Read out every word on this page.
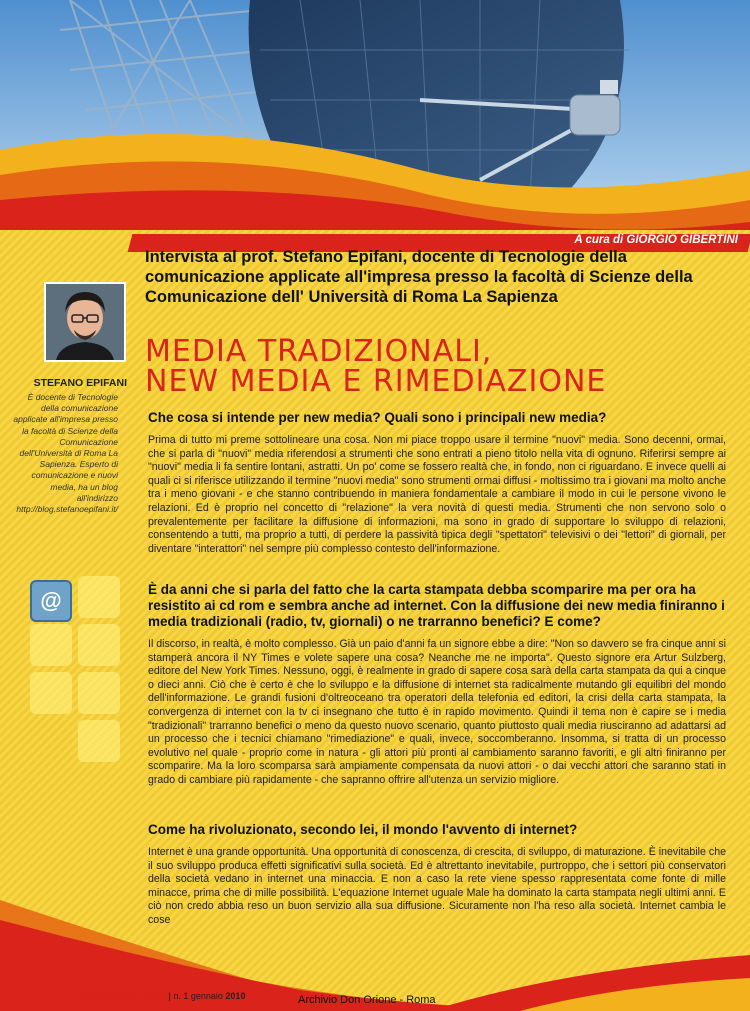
n. 1
A cura di GIORGIO GIBERTINI
Intervista al prof. Stefano Epifani, docente di Tecnologie della comunicazione applicate all'impresa presso la facoltà di Scienze della Comunicazione dell' Università di Roma La Sapienza
MEDIA TRADIZIONALI,
NEW MEDIA E RIMEDIAZIONE
STEFANO EPIFANI
È docente di Tecnologie della comunicazione applicate all'impresa presso la facoltà di Scienze della Comunicazione dell'Università di Roma La Sapienza. Esperto di comunicazione e nuovi media, ha un blog all'indirizzo http://blog.stefanoepifani.it/
@

Che cosa si intende per new media? Quali sono i principali new media?

Prima di tutto mi preme sottolineare una cosa. Non mi piace troppo usare il termine "nuovi" media. Sono decenni, ormai, che si parla di "nuovi" media riferendosi a strumenti che sono entrati a pieno titolo nella vita di ognuno. Riferirsi sempre ai "nuovi" media li fa sentire lontani, astratti. Un po' come se fossero realtà che, in fondo, non ci riguardano. E invece quelli ai quali ci si riferisce utilizzando il termine "nuovi media" sono strumenti ormai diffusi - moltissimo tra i giovani ma molto anche tra i meno giovani - e che stanno contribuendo in maniera fondamentale a cambiare il modo in cui le persone vivono le relazioni. Ed è proprio nel concetto di "relazione" la vera novità di questi media. Strumenti che non servono solo o prevalentemente per facilitare la diffusione di informazioni, ma sono in grado di supportare lo sviluppo di relazioni, consentendo a tutti, ma proprio a tutti, di perdere la passività tipica degli "spettatori" televisivi o dei "lettori" di giornali, per diventare "interattori" nel sempre più complesso contesto dell'informazione.

È da anni che si parla del fatto che la carta stampata debba scomparire ma per ora ha resistito ai cd rom e sembra anche ad internet. Con la diffusione dei new media finiranno i media tradizionali (radio, tv, giornali) o ne trarranno benefici? E come?

Il discorso, in realtà, è molto complesso. Già un paio d'anni fa un signore ebbe a dire: "Non so davvero se fra cinque anni si stamperà ancora il NY Times e volete sapere una cosa? Neanche me ne importa". Questo signore era Artur Sulzberg, editore del New York Times. Nessuno, oggi, è realmente in grado di sapere cosa sarà della carta stampata da qui a cinque o dieci anni. Ciò che è certo è che lo sviluppo e la diffusione di internet sta radicalmente mutando gli equilibri del mondo dell'informazione. Le grandi fusioni d'oltreoceano tra operatori della telefonia ed editori, la crisi della carta stampata, la convergenza di internet con la tv ci insegnano che tutto è in rapido movimento. Quindi il tema non è capire se i media "tradizionali" trarranno benefici o meno da questo nuovo scenario, quanto piuttosto quali media riusciranno ad adattarsi ad un processo che i tecnici chiamano "rimediazione" e quali, invece, soccomberanno. Insomma, si tratta di un processo evolutivo nel quale - proprio come in natura - gli attori più pronti al cambiamento saranno favoriti, e gli altri finiranno per scomparire. Ma la loro scomparsa sarà ampiamente compensata da nuovi attori - o dai vecchi attori che saranno stati in grado di cambiare più rapidamente - che sapranno offrire all'utenza un servizio migliore.

Come ha rivoluzionato, secondo lei, il mondo l'avvento di internet?

Internet è una grande opportunità. Una opportunità di conoscenza, di crescita, di sviluppo, di maturazione. È inevitabile che il suo sviluppo produca effetti significativi sulla società. Ed è altrettanto inevitabile, purtroppo, che i settori più conservatori della società vedano in internet una minaccia. E non a caso la rete viene spesso rappresentata come fonte di mille minacce, prima che di mille possibilità. L'equazione Internet uguale Male ha dominato la carta stampata negli ultimi anni. E ciò non credo abbia reso un buon servizio alla sua diffusione. Sicuramente non l'ha reso alla società. Internet cambia le cose

DON ORIONE OGGI | n. 1 gennaio 2010	Archivio Don Orione - Roma
